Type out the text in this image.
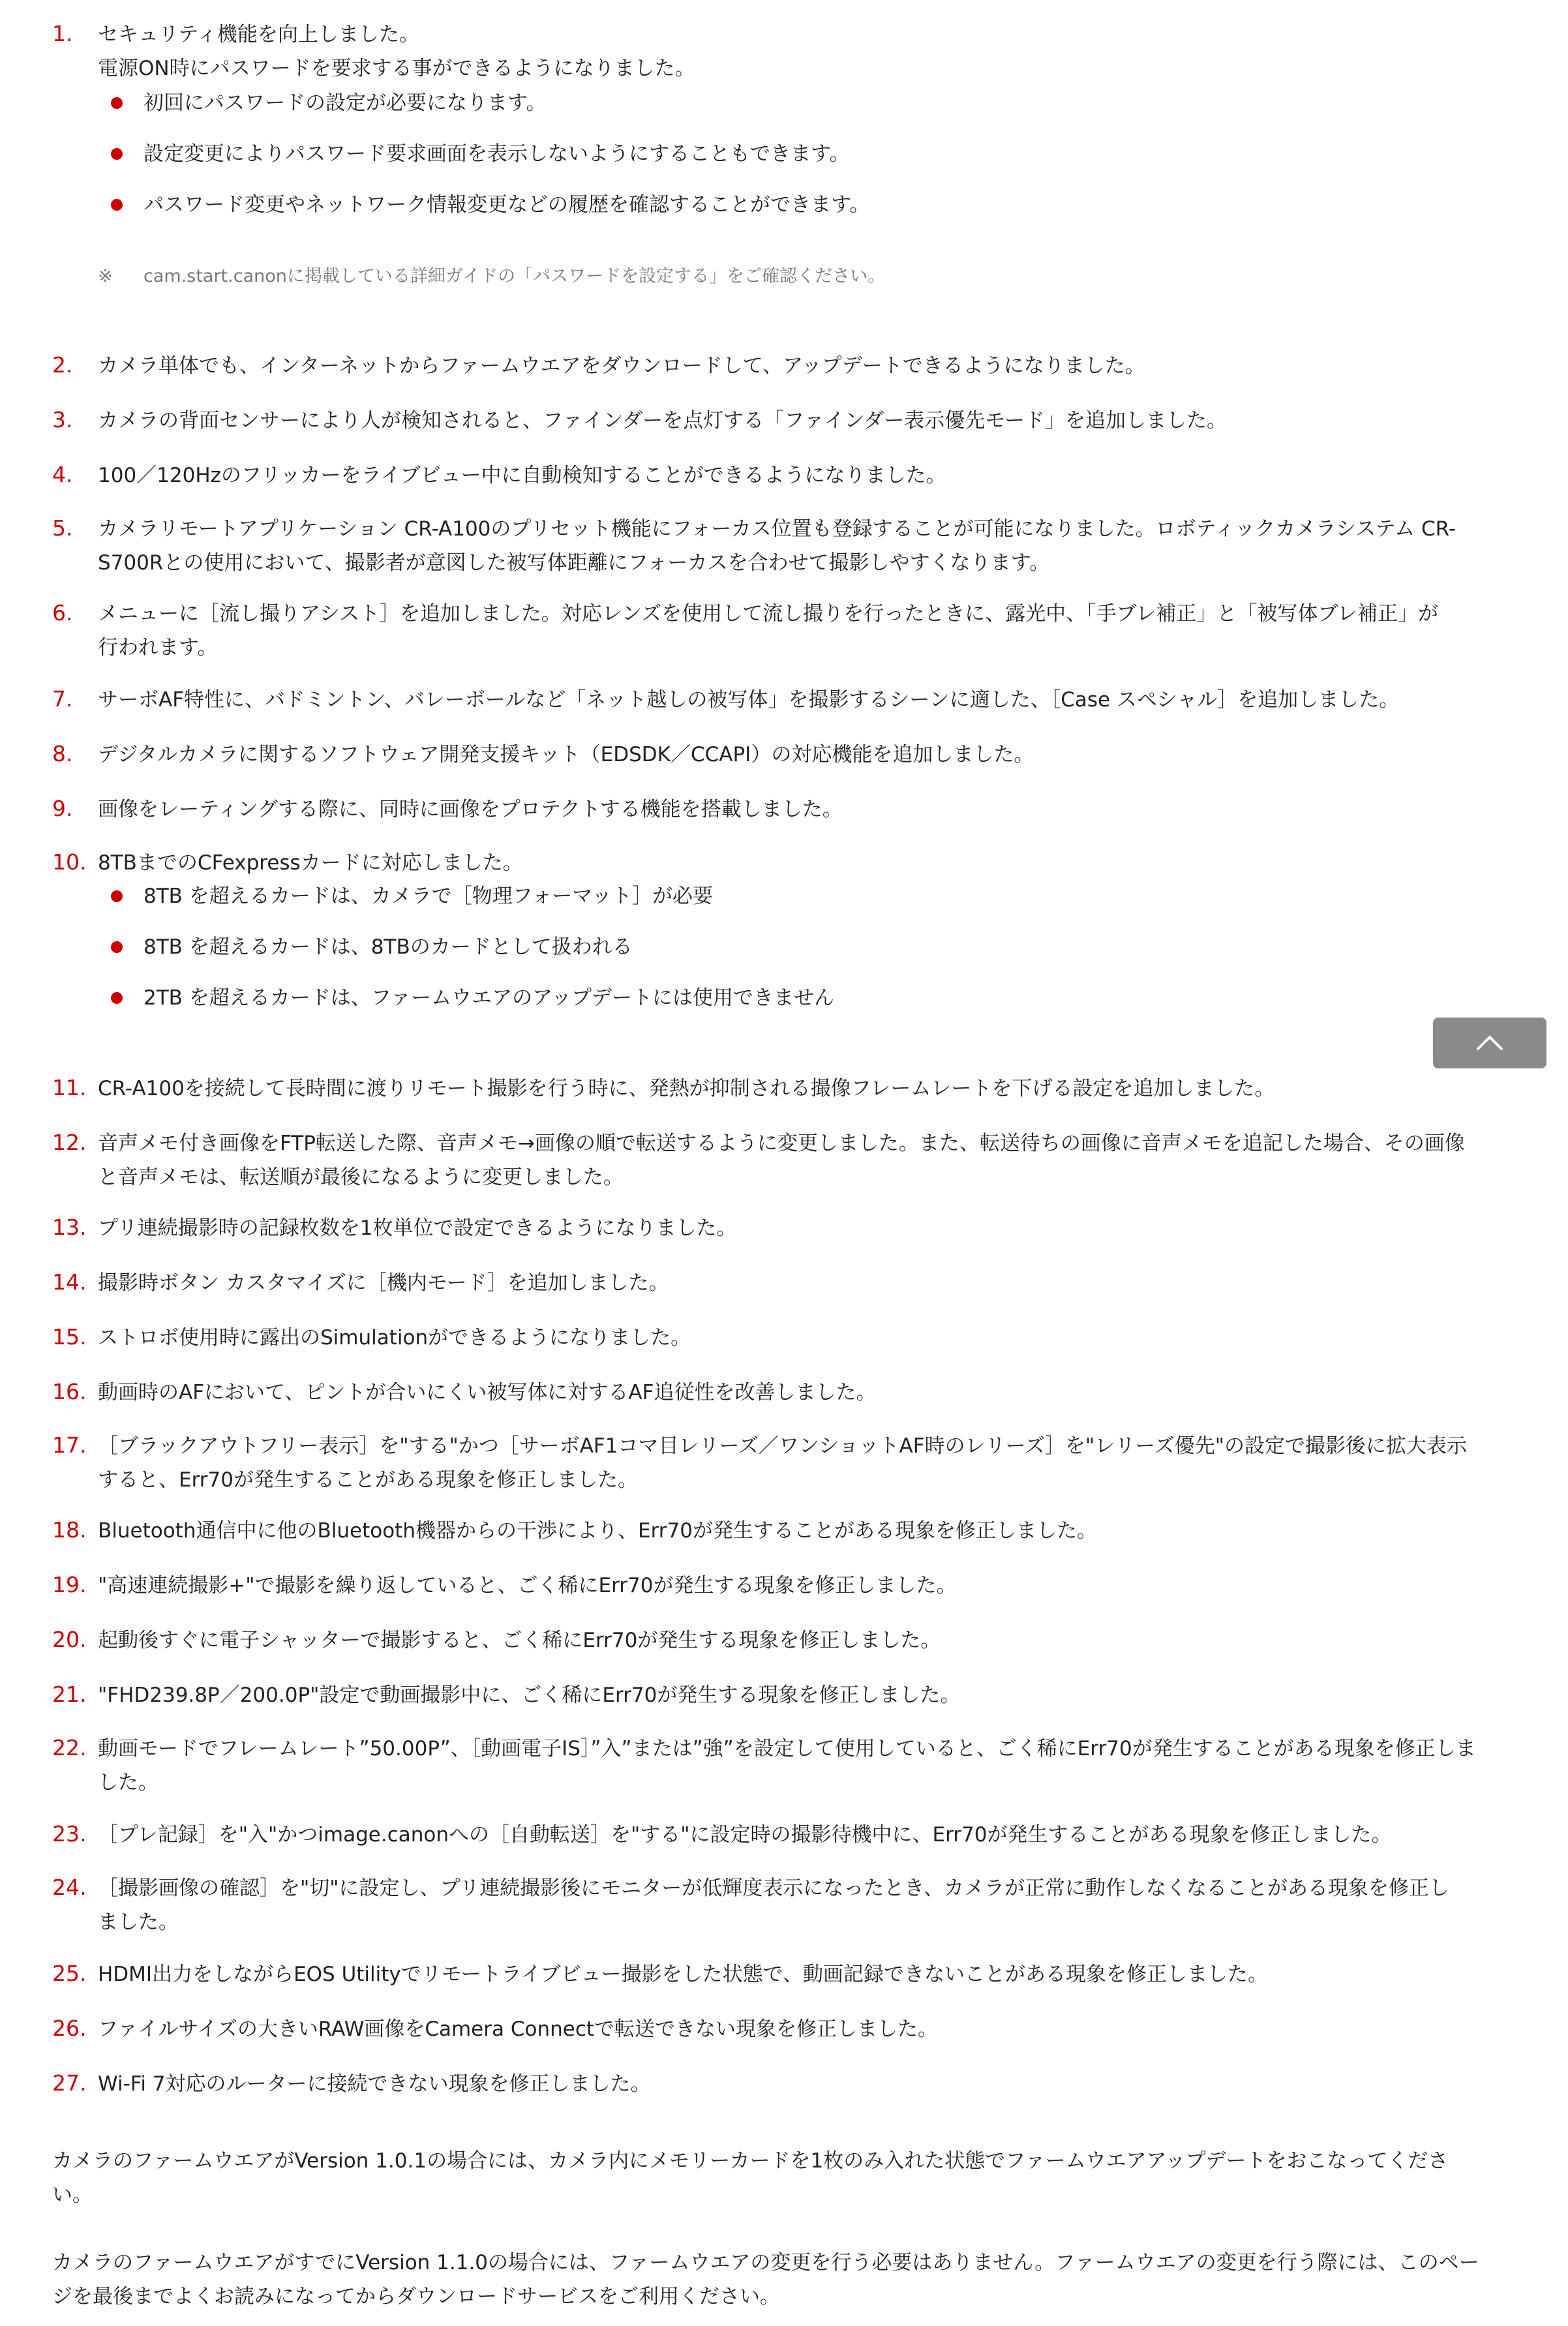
1.	セキュリティ機能を向上しました。
電源ON時にパスワードを要求する事ができるようになりました。
初回にパスワードの設定が必要になります。
設定変更によりパスワード要求画面を表示しないようにすることもできます。
パスワード変更やネットワーク情報変更などの履歴を確認することができます。
※ cam.start.canonに掲載している詳細ガイドの「パスワードを設定する」をご確認ください。
2.	カメラ単体でも、インターネットからファームウエアをダウンロードして、アップデートできるようになりました。
3.	カメラの背面センサーにより人が検知されると、ファインダーを点灯する「ファインダー表示優先モード」を追加しました。
4.	100／120Hzのフリッカーをライブビュー中に自動検知することができるようになりました。
5.	カメラリモートアプリケーション CR-A100のプリセット機能にフォーカス位置も登録することが可能になりました。ロボティックカメラシステム CR-
S700Rとの使用において、撮影者が意図した被写体距離にフォーカスを合わせて撮影しやすくなります。
6.	メニューに［流し撮りアシスト］を追加しました。対応レンズを使用して流し撮りを行ったときに、露光中、「手ブレ補正」と「被写体ブレ補正」が
行われます。
7.	サーボAF特性に、バドミントン、バレーボールなど「ネット越しの被写体」を撮影するシーンに適した、［Case スペシャル］を追加しました。
8.	デジタルカメラに関するソフトウェア開発支援キット（EDSDK／CCAPI）の対応機能を追加しました。
9.	画像をレーティングする際に、同時に画像をプロテクトする機能を搭載しました。
10. 8TBまでのCFexpressカードに対応しました。
8TB を超えるカードは、カメラで［物理フォーマット］が必要
8TB を超えるカードは、8TBのカードとして扱われる
2TB を超えるカードは、ファームウエアのアップデートには使用できません
11. CR-A100を接続して長時間に渡りリモート撮影を行う時に、発熱が抑制される撮像フレームレートを下げる設定を追加しました。
12. 音声メモ付き画像をFTP転送した際、音声メモ→画像の順で転送するように変更しました。また、転送待ちの画像に音声メモを追記した場合、その画像
と音声メモは、転送順が最後になるように変更しました。
13. プリ連続撮影時の記録枚数を1枚単位で設定できるようになりました。
14. 撮影時ボタン カスタマイズに［機内モード］を追加しました。
15. ストロボ使用時に露出のSimulationができるようになりました。
16. 動画時のAFにおいて、ピントが合いにくい被写体に対するAF追従性を改善しました。
17. ［ブラックアウトフリー表示］を"する"かつ［サーボAF1コマ目レリーズ／ワンショットAF時のレリーズ］を"レリーズ優先"の設定で撮影後に拡大表示
すると、Err70が発生することがある現象を修正しました。
18. Bluetooth通信中に他のBluetooth機器からの干渉により、Err70が発生することがある現象を修正しました。
19. "高速連続撮影+"で撮影を繰り返していると、ごく稀にErr70が発生する現象を修正しました。
20. 起動後すぐに電子シャッターで撮影すると、ごく稀にErr70が発生する現象を修正しました。
21. "FHD239.8P／200.0P"設定で動画撮影中に、ごく稀にErr70が発生する現象を修正しました。
22. 動画モードでフレームレート”50.00P”、［動画電子IS］”入”または”強”を設定して使用していると、ごく稀にErr70が発生することがある現象を修正しま
した。
23. ［プレ記録］を"入"かつimage.canonへの［自動転送］を"する"に設定時の撮影待機中に、Err70が発生することがある現象を修正しました。
24. ［撮影画像の確認］を"切"に設定し、プリ連続撮影後にモニターが低輝度表示になったとき、カメラが正常に動作しなくなることがある現象を修正し
ました。
25. HDMI出力をしながらEOS Utilityでリモートライブビュー撮影をした状態で、動画記録できないことがある現象を修正しました。
26. ファイルサイズの大きいRAW画像をCamera Connectで転送できない現象を修正しました。
27. Wi-Fi 7対応のルーターに接続できない現象を修正しました。
カメラのファームウエアがVersion 1.0.1の場合には、カメラ内にメモリーカードを1枚のみ入れた状態でファームウエアアップデートをおこなってくださ
い。
カメラのファームウエアがすでにVersion 1.1.0の場合には、ファームウエアの変更を行う必要はありません。ファームウエアの変更を行う際には、このペー
ジを最後までよくお読みになってからダウンロードサービスをご利用ください。
